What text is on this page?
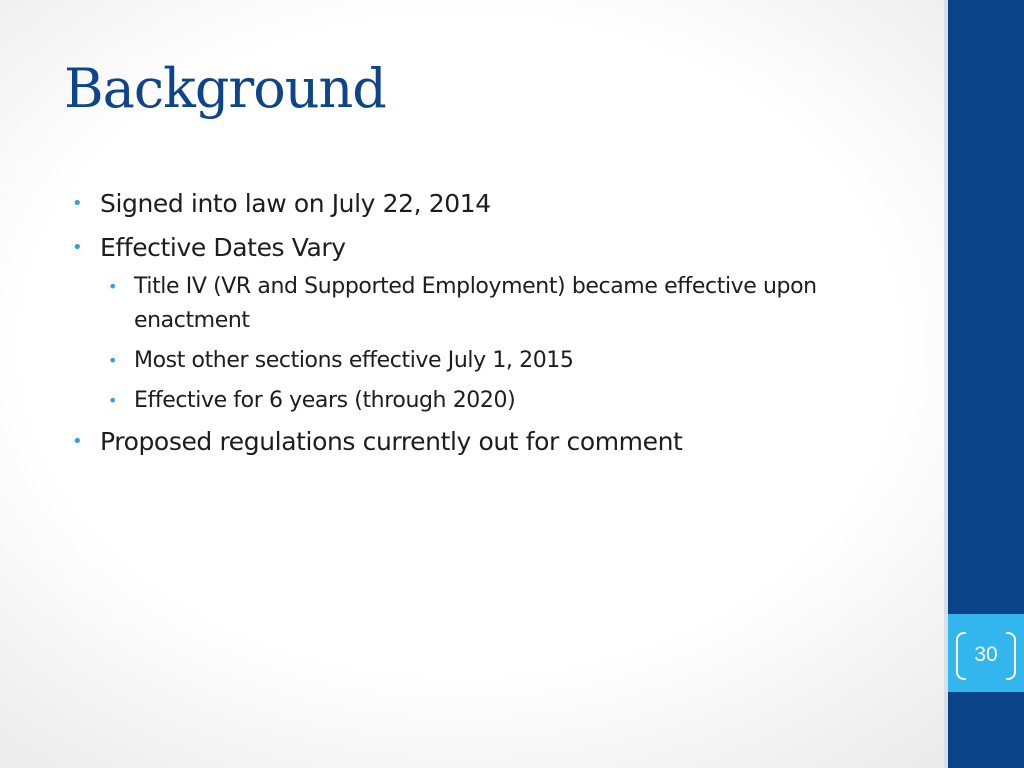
Background
• Signed into law on July 22, 2014
• Effective Dates Vary
• Title IV (VR and Supported Employment) became effective upon enactment
• Most other sections effective July 1, 2015
• Effective for 6 years (through 2020)
• Proposed regulations currently out for comment
30
